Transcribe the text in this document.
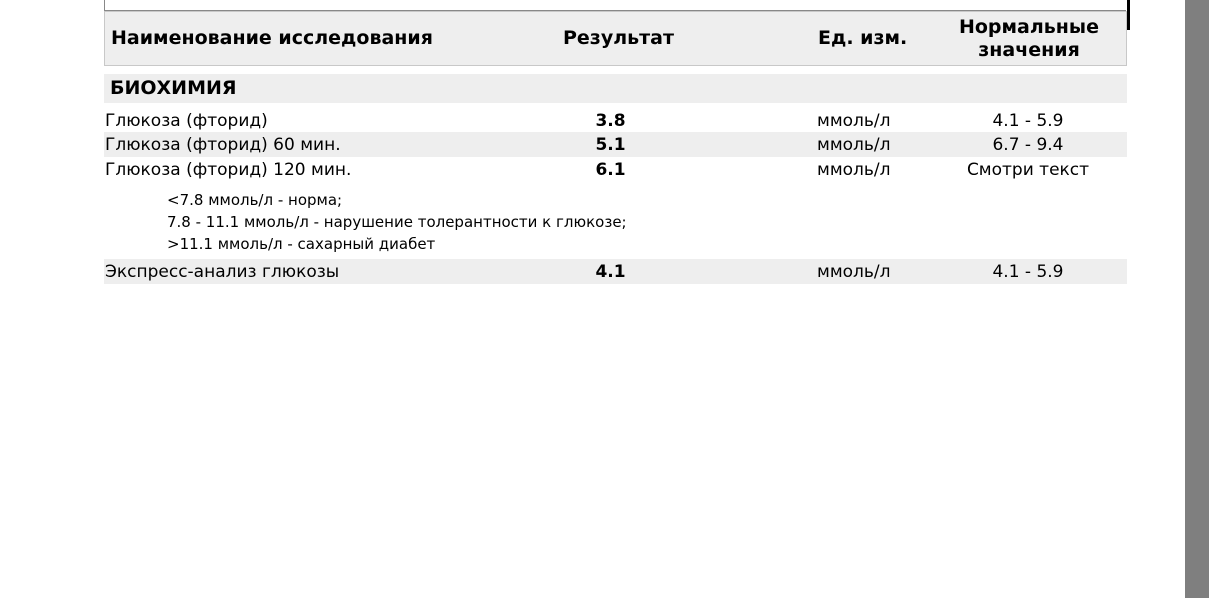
Наименование исследования	Результат	Ед. изм.	Нормальные
значения
БИОХИМИЯ
Глюкоза (фторид)	3.8	ммоль/л	4.1 - 5.9
Глюкоза (фторид) 60 мин.	5.1	ммоль/л	6.7 - 9.4
Глюкоза (фторид) 120 мин.	6.1	ммоль/л	Смотри текст
<7.8 ммоль/л - норма;
7.8 - 11.1 ммоль/л - нарушение толерантности к глюкозе;
>11.1 ммоль/л - сахарный диабет
Экспресс-анализ глюкозы	4.1	ммоль/л	4.1 - 5.9
